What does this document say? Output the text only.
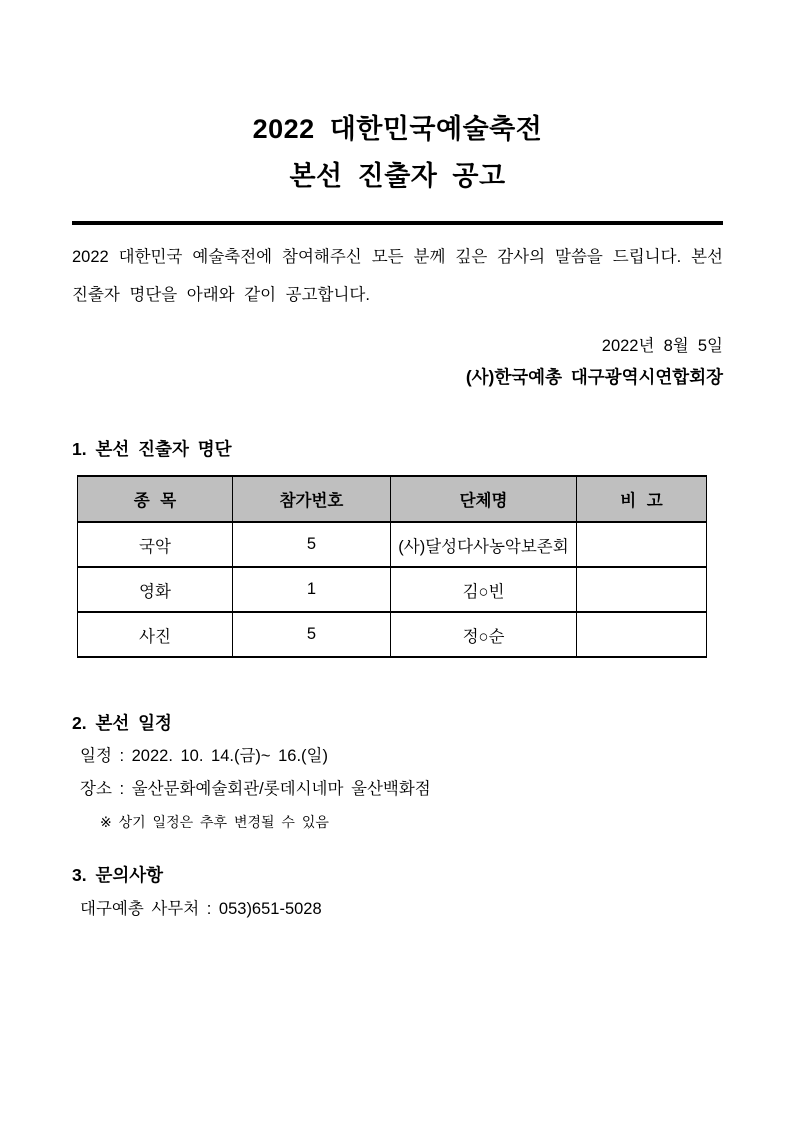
2022 대한민국예술축전
본선 진출자 공고

2022 대한민국 예술축전에 참여해주신 모든 분께 깊은 감사의 말씀을 드립니다. 본선 진출자 명단을 아래와 같이 공고합니다.

2022년  8월  5일
(사)한국예총 대구광역시연합회장
1. 본선 진출자 명단
종 목	참가번호	단체명	비 고
국악	5	(사)달성다사농악보존회	
영화	1	김○빈	
사진	5	정○순	
2. 본선 일정
일정 : 2022. 10. 14.(금)~ 16.(일)
장소 : 울산문화예술회관/롯데시네마 울산백화점
※ 상기 일정은 추후 변경될 수 있음
3. 문의사항
대구예총 사무처 : 053)651-5028
